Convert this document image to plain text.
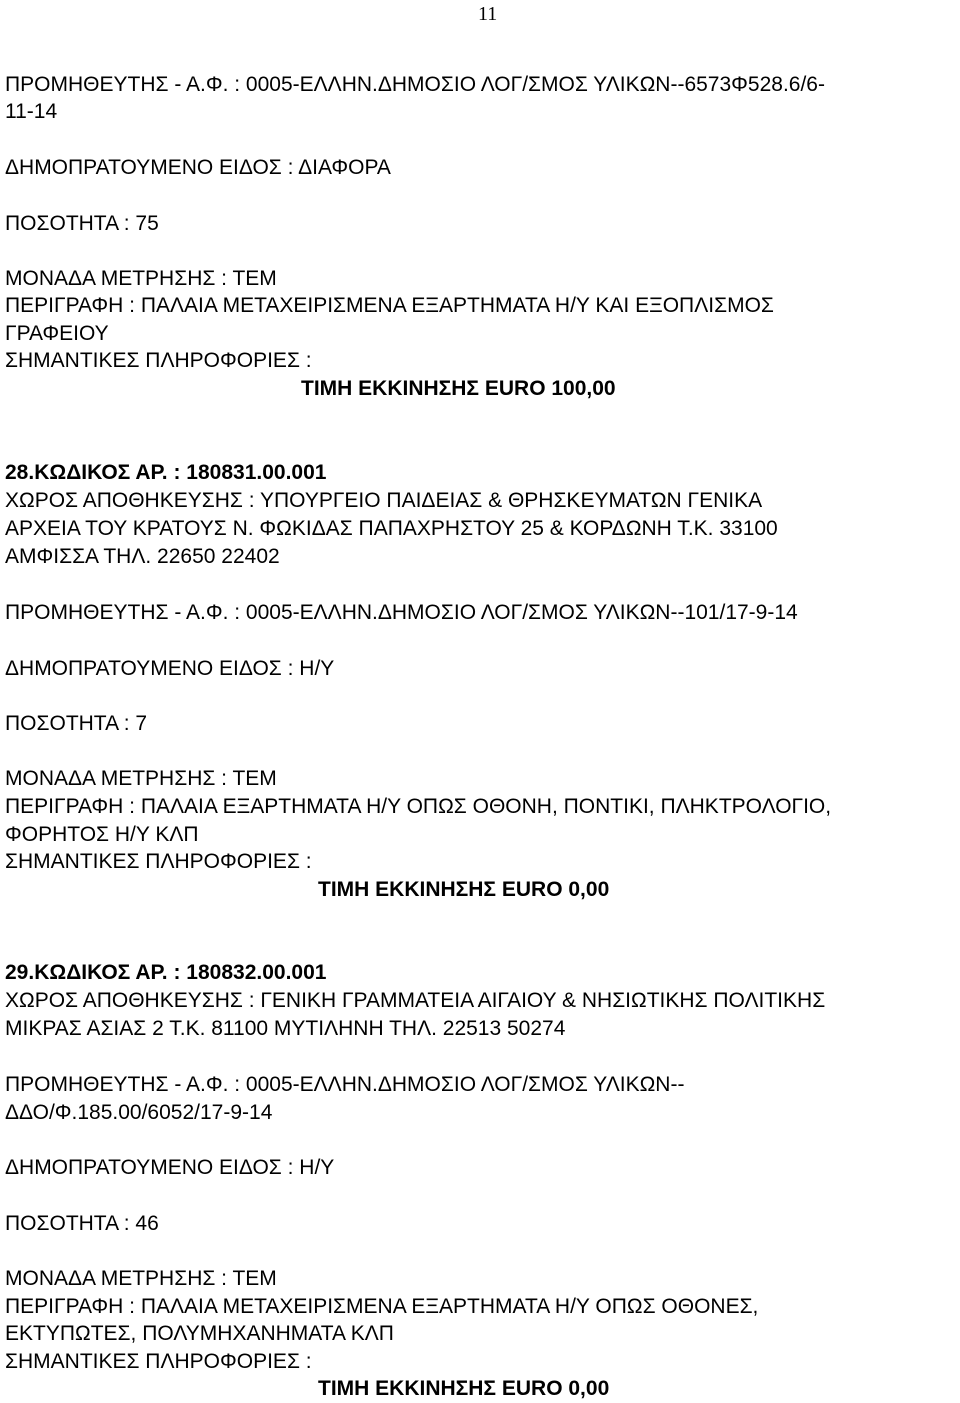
11
ΠΡΟΜΗΘΕΥΤΗΣ - Α.Φ. : 0005-ΕΛΛΗΝ.ΔΗΜΟΣΙΟ ΛΟΓ/ΣΜΟΣ ΥΛΙΚΩΝ--6573Φ528.6/6-
11-14
ΔΗΜΟΠΡΑΤΟΥΜΕΝΟ ΕΙΔΟΣ : ΔΙΑΦΟΡΑ
ΠΟΣΟΤΗΤΑ : 75
ΜΟΝΑΔΑ ΜΕΤΡΗΣΗΣ : ΤΕΜ
ΠΕΡΙΓΡΑΦΗ : ΠΑΛΑΙΑ ΜΕΤΑΧΕΙΡΙΣΜΕΝΑ ΕΞΑΡΤΗΜΑΤΑ Η/Υ ΚΑΙ ΕΞΟΠΛΙΣΜΟΣ
ΓΡΑΦΕΙΟΥ
ΣΗΜΑΝΤΙΚΕΣ ΠΛΗΡΟΦΟΡΙΕΣ :
ΤΙΜΗ ΕΚΚΙΝΗΣΗΣ EURO 100,00
28.ΚΩΔΙΚΟΣ ΑΡ. : 180831.00.001
ΧΩΡΟΣ ΑΠΟΘΗΚΕΥΣΗΣ : ΥΠΟΥΡΓΕΙΟ ΠΑΙΔΕΙΑΣ & ΘΡΗΣΚΕΥΜΑΤΩΝ ΓΕΝΙΚΑ
ΑΡΧΕΙΑ ΤΟΥ ΚΡΑΤΟΥΣ Ν. ΦΩΚΙΔΑΣ ΠΑΠΑΧΡΗΣΤΟΥ 25 & ΚΟΡΔΩΝΗ Τ.Κ. 33100
ΑΜΦΙΣΣΑ ΤΗΛ. 22650 22402
ΠΡΟΜΗΘΕΥΤΗΣ - Α.Φ. : 0005-ΕΛΛΗΝ.ΔΗΜΟΣΙΟ ΛΟΓ/ΣΜΟΣ ΥΛΙΚΩΝ--101/17-9-14
ΔΗΜΟΠΡΑΤΟΥΜΕΝΟ ΕΙΔΟΣ : Η/Υ
ΠΟΣΟΤΗΤΑ : 7
ΜΟΝΑΔΑ ΜΕΤΡΗΣΗΣ : ΤΕΜ
ΠΕΡΙΓΡΑΦΗ : ΠΑΛΑΙΑ ΕΞΑΡΤΗΜΑΤΑ Η/Υ ΟΠΩΣ ΟΘΟΝΗ, ΠΟΝΤΙΚΙ, ΠΛΗΚΤΡΟΛΟΓΙΟ,
ΦΟΡΗΤΟΣ Η/Υ ΚΛΠ
ΣΗΜΑΝΤΙΚΕΣ ΠΛΗΡΟΦΟΡΙΕΣ :
ΤΙΜΗ ΕΚΚΙΝΗΣΗΣ EURO 0,00
29.ΚΩΔΙΚΟΣ ΑΡ. : 180832.00.001
ΧΩΡΟΣ ΑΠΟΘΗΚΕΥΣΗΣ : ΓΕΝΙΚΗ ΓΡΑΜΜΑΤΕΙΑ ΑΙΓΑΙΟΥ & ΝΗΣΙΩΤΙΚΗΣ ΠΟΛΙΤΙΚΗΣ
ΜΙΚΡΑΣ ΑΣΙΑΣ 2 Τ.Κ. 81100 ΜΥΤΙΛΗΝΗ ΤΗΛ. 22513 50274
ΠΡΟΜΗΘΕΥΤΗΣ - Α.Φ. : 0005-ΕΛΛΗΝ.ΔΗΜΟΣΙΟ ΛΟΓ/ΣΜΟΣ ΥΛΙΚΩΝ--
ΔΔΟ/Φ.185.00/6052/17-9-14
ΔΗΜΟΠΡΑΤΟΥΜΕΝΟ ΕΙΔΟΣ : Η/Υ
ΠΟΣΟΤΗΤΑ : 46
ΜΟΝΑΔΑ ΜΕΤΡΗΣΗΣ : ΤΕΜ
ΠΕΡΙΓΡΑΦΗ : ΠΑΛΑΙΑ ΜΕΤΑΧΕΙΡΙΣΜΕΝΑ ΕΞΑΡΤΗΜΑΤΑ Η/Υ ΟΠΩΣ ΟΘΟΝΕΣ,
ΕΚΤΥΠΩΤΕΣ, ΠΟΛΥΜΗΧΑΝΗΜΑΤΑ ΚΛΠ
ΣΗΜΑΝΤΙΚΕΣ ΠΛΗΡΟΦΟΡΙΕΣ :
ΤΙΜΗ ΕΚΚΙΝΗΣΗΣ EURO 0,00
